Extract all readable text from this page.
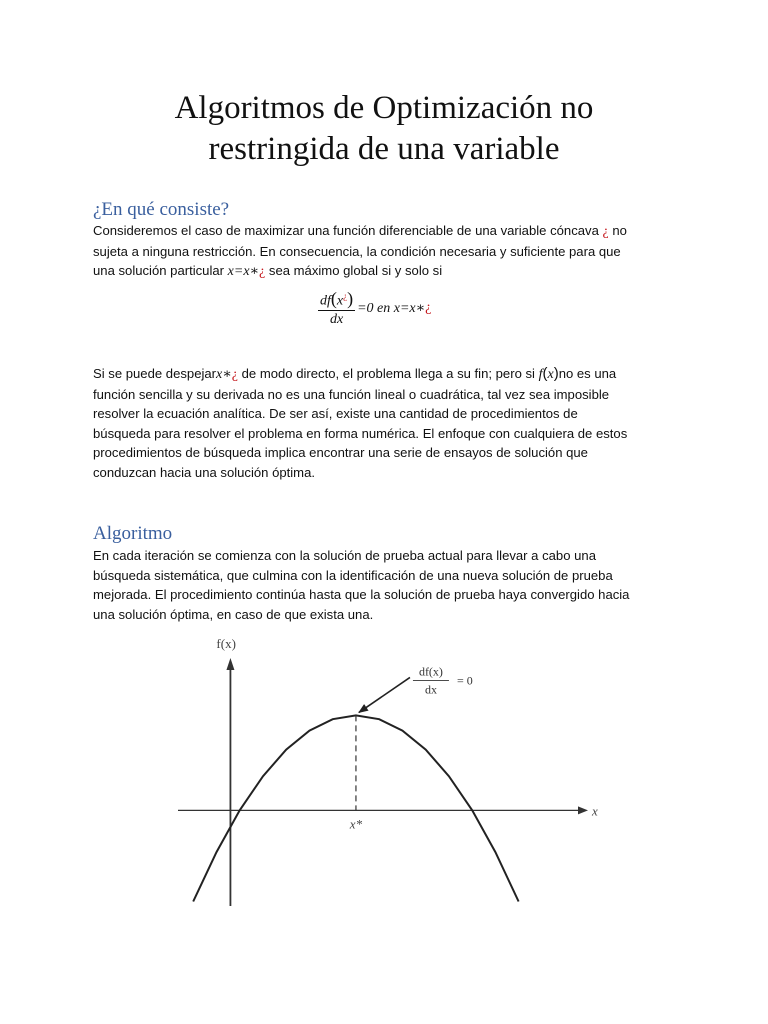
Algoritmos de Optimización no
restringida de una variable
¿En qué consiste?

Consideremos el caso de maximizar una función diferenciable de una variable cóncava ¿ no
sujeta a ninguna restricción. En consecuencia, la condición necesaria y suficiente para que
una solución particular x=x∗¿ sea máximo global si y solo si

$\frac{df(x^¿)}{dx} =0$ en x=x∗ ¿

Si se puede despejarx∗¿ de modo directo, el problema llega a su fin; pero si f(x)no es una
función sencilla y su derivada no es una función lineal o cuadrática, tal vez sea imposible
resolver la ecuación analítica. De ser así, existe una cantidad de procedimientos de
búsqueda para resolver el problema en forma numérica. El enfoque con cualquiera de estos
procedimientos de búsqueda implica encontrar una serie de ensayos de solución que
conduzcan hacia una solución óptima.

Algoritmo

En cada iteración se comienza con la solución de prueba actual para llevar a cabo una
búsqueda sistemática, que culmina con la identificación de una nueva solución de prueba
mejorada. El procedimiento continúa hasta que la solución de prueba haya convergido hacia
una solución óptima, en caso de que exista una.

f(x)
x
x*
df(x)
dx
= 0
